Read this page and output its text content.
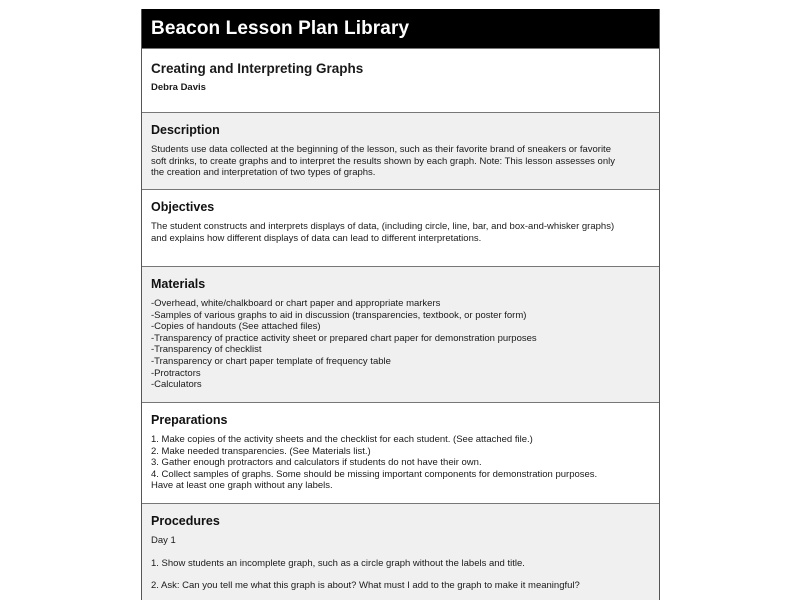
Beacon Lesson Plan Library
Creating and Interpreting Graphs
Debra Davis
Description
Students use data collected at the beginning of the lesson, such as their favorite brand of sneakers or favorite
soft drinks, to create graphs and to interpret the results shown by each graph. Note: This lesson assesses only
the creation and interpretation of two types of graphs.
Objectives
The student constructs and interprets displays of data, (including circle, line, bar, and box-and-whisker graphs)
and explains how different displays of data can lead to different interpretations.
Materials
-Overhead, white/chalkboard or chart paper and appropriate markers
-Samples of various graphs to aid in discussion (transparencies, textbook, or poster form)
-Copies of handouts (See attached files)
-Transparency of practice activity sheet or prepared chart paper for demonstration purposes
-Transparency of checklist
-Transparency or chart paper template of frequency table
-Protractors
-Calculators
Preparations
1. Make copies of the activity sheets and the checklist for each student. (See attached file.)
2. Make needed transparencies. (See Materials list.)
3. Gather enough protractors and calculators if students do not have their own.
4. Collect samples of graphs. Some should be missing important components for demonstration purposes.
Have at least one graph without any labels.
Procedures
Day 1
1. Show students an incomplete graph, such as a circle graph without the labels and title.
2. Ask: Can you tell me what this graph is about? What must I add to the graph to make it meaningful?
